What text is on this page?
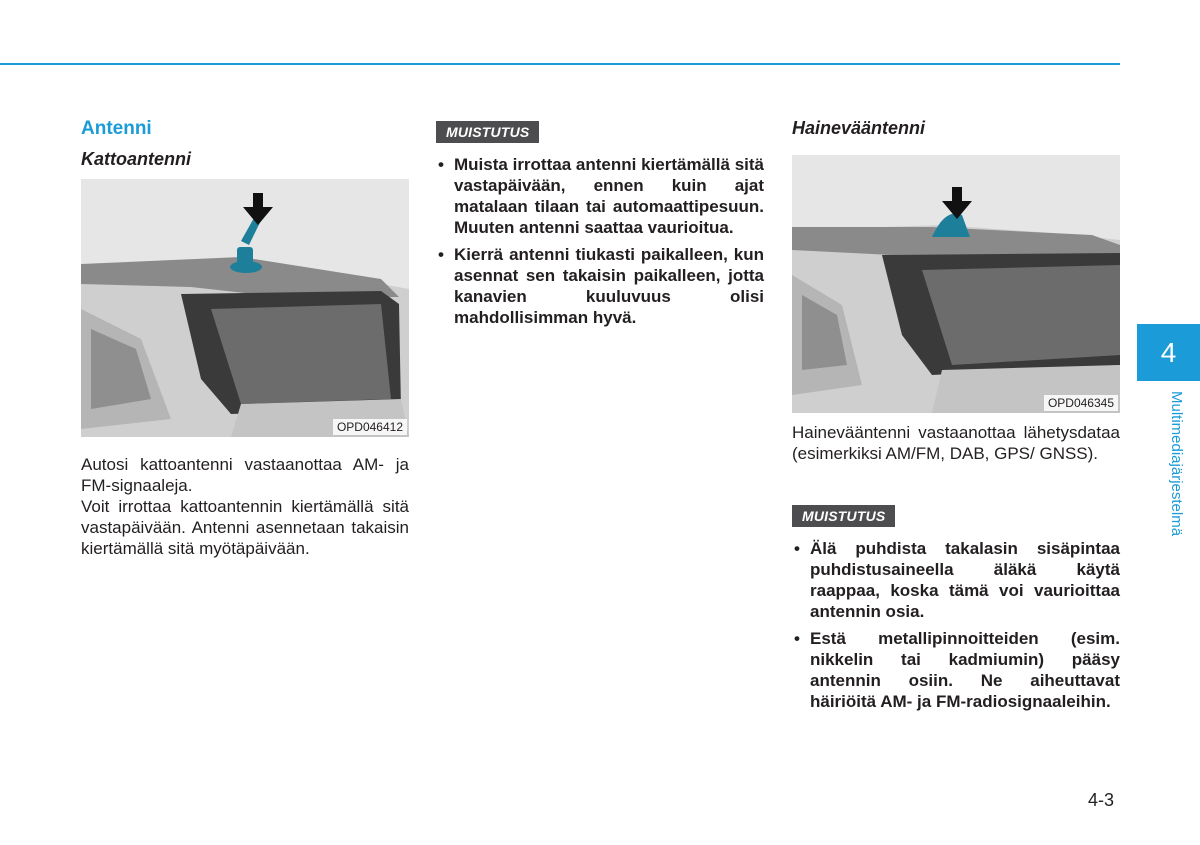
Antenni
Kattoantenni
OPD046412

Autosi kattoantenni vastaanottaa AM- ja FM-signaaleja.

Voit irrottaa kattoantennin kiertämällä sitä vastapäivään. Antenni asennetaan takaisin kiertämällä sitä myötäpäivään.

MUISTUTUS
• Muista irrottaa antenni kiertämällä sitä vastapäivään, ennen kuin ajat matalaan tilaan tai automaattipesuun. Muuten antenni saattaa vaurioitua.
• Kierrä antenni tiukasti paikalleen, kun asennat sen takaisin paikalleen, jotta kanavien kuuluvuus olisi mahdollisimman hyvä.
Hainevääntenni
OPD046345

Hainevääntenni vastaanottaa lähetysdataa (esimerkiksi AM/FM, DAB, GPS/ GNSS).

MUISTUTUS
• Älä puhdista takalasin sisäpintaa puhdistusaineella äläkä käytä raappaa, koska tämä voi vaurioittaa antennin osia.
• Estä metallipinnoitteiden (esim. nikkelin tai kadmiumin) pääsy antennin osiin. Ne aiheuttavat häiriöitä AM- ja FM-radiosignaaleihin.
4
Multimediajärjestelmä
4-3
